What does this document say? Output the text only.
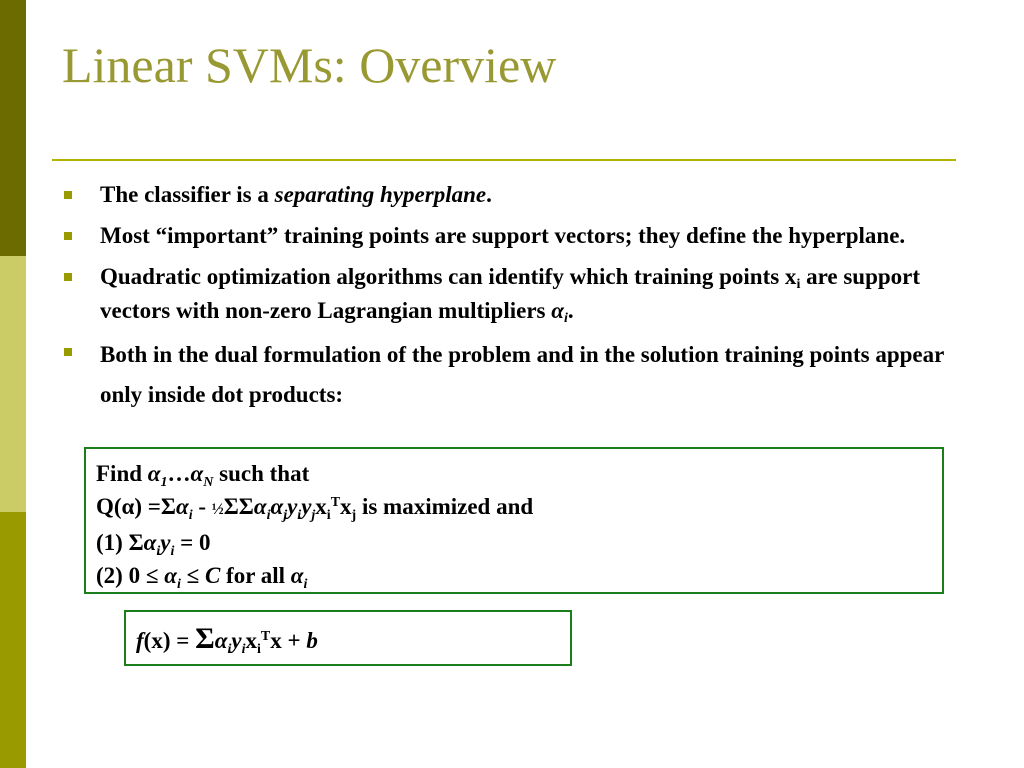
Linear SVMs: Overview
The classifier is a separating hyperplane.
Most “important” training points are support vectors; they define the hyperplane.
Quadratic optimization algorithms can identify which training points $x_i$ are support vectors with non-zero Lagrangian multipliers $\alpha_i$.
Both in the dual formulation of the problem and in the solution training points appear only inside dot products:
Find $\alpha_1\dots\alpha_N$ such that
$Q(\alpha) =\Sigma\alpha_i$ - $\frac{1}{2}\Sigma\Sigma\alpha_i\alpha_jy_iy_jx_i^Tx_j$ is maximized and
(1) $\Sigma\alpha_iy_i = 0$
(2) $0 \le \alpha_i \le C$ for all $\alpha_i$
$f(x) = \Sigma\alpha_iy_ix_i^Tx + b$
